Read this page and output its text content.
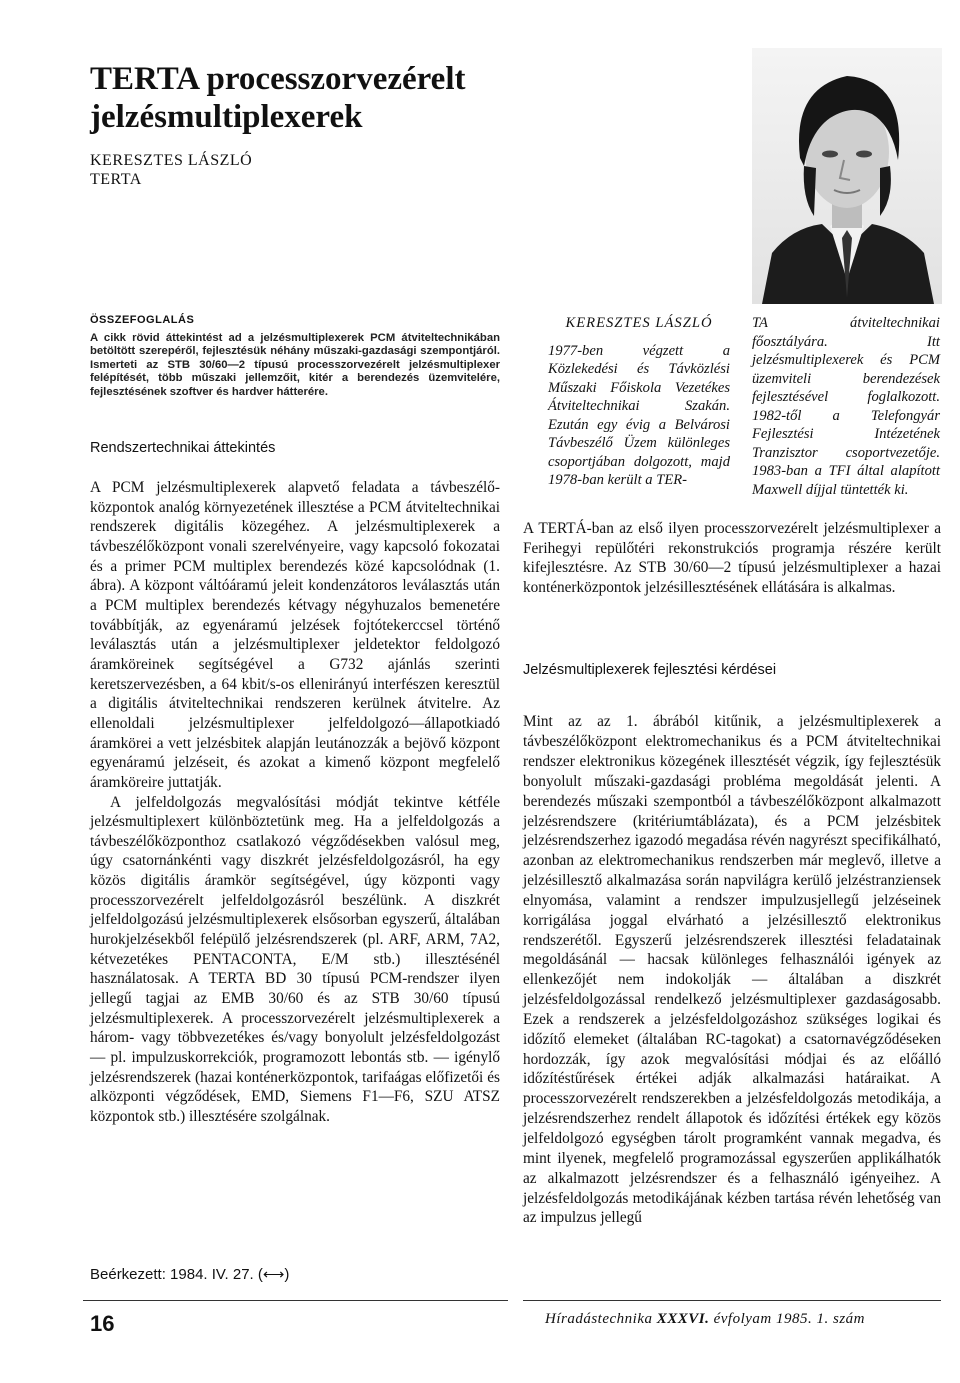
TERTA processzorvezérelt jelzésmultiplexerek
KERESZTES LÁSZLÓ
TERTA
ÖSSZEFOGLALÁS
A cikk rövid áttekintést ad a jelzésmultiplexerek PCM átviteltechnikában betöltött szerepéről, fejlesztésük néhány műszaki-gazdasági szempontjáról. Ismerteti az STB 30/60—2 típusú processzorvezérelt jelzésmultiplexer felépítését, több műszaki jellemzőit, kitér a berendezés üzemvitelére, fejlesztésének szoftver és hardver hátterére.
Rendszertechnikai áttekintés

A PCM jelzésmultiplexerek alapvető feladata a távbeszélő-központok analóg környezetének illesztése a PCM átviteltechnikai rendszerek digitális közegéhez. A jelzésmultiplexerek a távbeszélőközpont vonali szerelvényeire, vagy kapcsoló fokozatai és a primer PCM multiplex berendezés közé kapcsolódnak (1. ábra). A központ váltóáramú jeleit kondenzátoros leválasztás után a PCM multiplex berendezés kétvagy négyhuzalos bemenetére továbbítják, az egyenáramú jelzések fojtótekerccsel történő leválasztás után a jelzésmultiplexer jeldetektor feldolgozó áramköreinek segítségével a G732 ajánlás szerinti keretszervezésben, a 64 kbit/s-os ellenirányú interfészen keresztül a digitális átviteltechnikai rendszeren kerülnek átvitelre. Az ellenoldali jelzésmultiplexer jelfeldolgozó—állapotkiadó áramkörei a vett jelzésbitek alapján leutánozzák a bejövő központ egyenáramú jelzéseit, és azokat a kimenő központ megfelelő áramköreire juttatják.

A jelfeldolgozás megvalósítási módját tekintve kétféle jelzésmultiplexert különböztetünk meg. Ha a jelfeldolgozás a távbeszélőközponthoz csatlakozó végződésekben valósul meg, úgy csatornánkénti vagy diszkrét jelzésfeldolgozásról, ha egy közös digitális áramkör segítségével, úgy központi vagy processzorvezérelt jelfeldolgozásról beszélünk. A diszkrét jelfeldolgozású jelzésmultiplexerek elsősorban egyszerű, általában hurokjelzésekből felépülő jelzésrendszerek (pl. ARF, ARM, 7A2, kétvezetékes PENTACONTA, E/M stb.) illesztésénél használatosak. A TERTA BD 30 típusú PCM-rendszer ilyen jellegű tagjai az EMB 30/60 és az STB 30/60 típusú jelzésmultiplexerek. A processzorvezérelt jelzésmultiplexerek a három- vagy többvezetékes és/vagy bonyolult jelzésfeldolgozást — pl. impulzuskorrekciók, programozott lebontás stb. — igénylő jelzésrendszerek (hazai konténerközpontok, tarifaágas előfizetői és alközponti végződések, EMD, Siemens F1—F6, SZU ATSZ központok stb.) illesztésére szolgálnak.

Beérkezett: 1984. IV. 27. (⟷)
KERESZTES LÁSZLÓ
1977-ben végzett a Közlekedési és Távközlési Műszaki Főiskola Vezetékes Átviteltechnikai Szakán. Ezután egy évig a Belvárosi Távbeszélő Üzem különleges csoportjában dolgozott, majd 1978-ban került a TER-
TA átviteltechnikai főosztályára. Itt jelzésmultiplexerek és PCM üzemviteli berendezések fejlesztésével foglalkozott. 1982-től a Telefongyár Fejlesztési Intézetének Tranzisztor csoportvezetője. 1983-ban a TFI által alapított Maxwell díjjal tüntették ki.

A TERTÁ-ban az első ilyen processzorvezérelt jelzésmultiplexer a Ferihegyi repülőtéri rekonstrukciós programja részére került kifejlesztésre. Az STB 30/60—2 típusú jelzésmultiplexer a hazai konténerközpontok jelzésillesztésének ellátására is alkalmas.

Jelzésmultiplexerek fejlesztési kérdései

Mint az az 1. ábrából kitűnik, a jelzésmultiplexerek a távbeszélőközpont elektromechanikus és a PCM átviteltechnikai rendszer elektronikus közegének illesztését végzik, így fejlesztésük bonyolult műszaki-gazdasági probléma megoldását jelenti. A berendezés műszaki szempontból a távbeszélőközpont alkalmazott jelzésrendszere (kritériumtáblázata), és a PCM jelzésbitek jelzésrendszerhez igazodó megadása révén nagyrészt specifikálható, azonban az elektromechanikus rendszerben már meglevő, illetve a jelzésillesztő alkalmazása során napvilágra kerülő jelzéstranziensek elnyomása, valamint a rendszer impulzusjellegű jelzéseinek korrigálása joggal elvárható a jelzésillesztő elektronikus rendszerétől. Egyszerű jelzésrendszerek illesztési feladatainak megoldásánál — hacsak különleges felhasználói igények az ellenkezőjét nem indokolják — általában a diszkrét jelzésfeldolgozással rendelkező jelzésmultiplexer gazdaságosabb. Ezek a rendszerek a jelzésfeldolgozáshoz szükséges logikai és időzítő elemeket (általában RC-tagokat) a csatornavégződéseken hordozzák, így azok megvalósítási módjai és az előálló időzítéstűrések értékei adják alkalmazási határaikat. A processzorvezérelt rendszerekben a jelzésfeldolgozás metodikája, a jelzésrendszerhez rendelt állapotok és időzítési értékek egy közös jelfeldolgozó egységben tárolt programként vannak megadva, és mint ilyenek, megfelelő programozással egyszerűen applikálhatók az alkalmazott jelzésrendszer és a felhasználó igényeihez. A jelzésfeldolgozás metodikájának kézben tartása révén lehetőség van az impulzus jellegű

16	Híradástechnika XXXVI. évfolyam 1985. 1. szám
